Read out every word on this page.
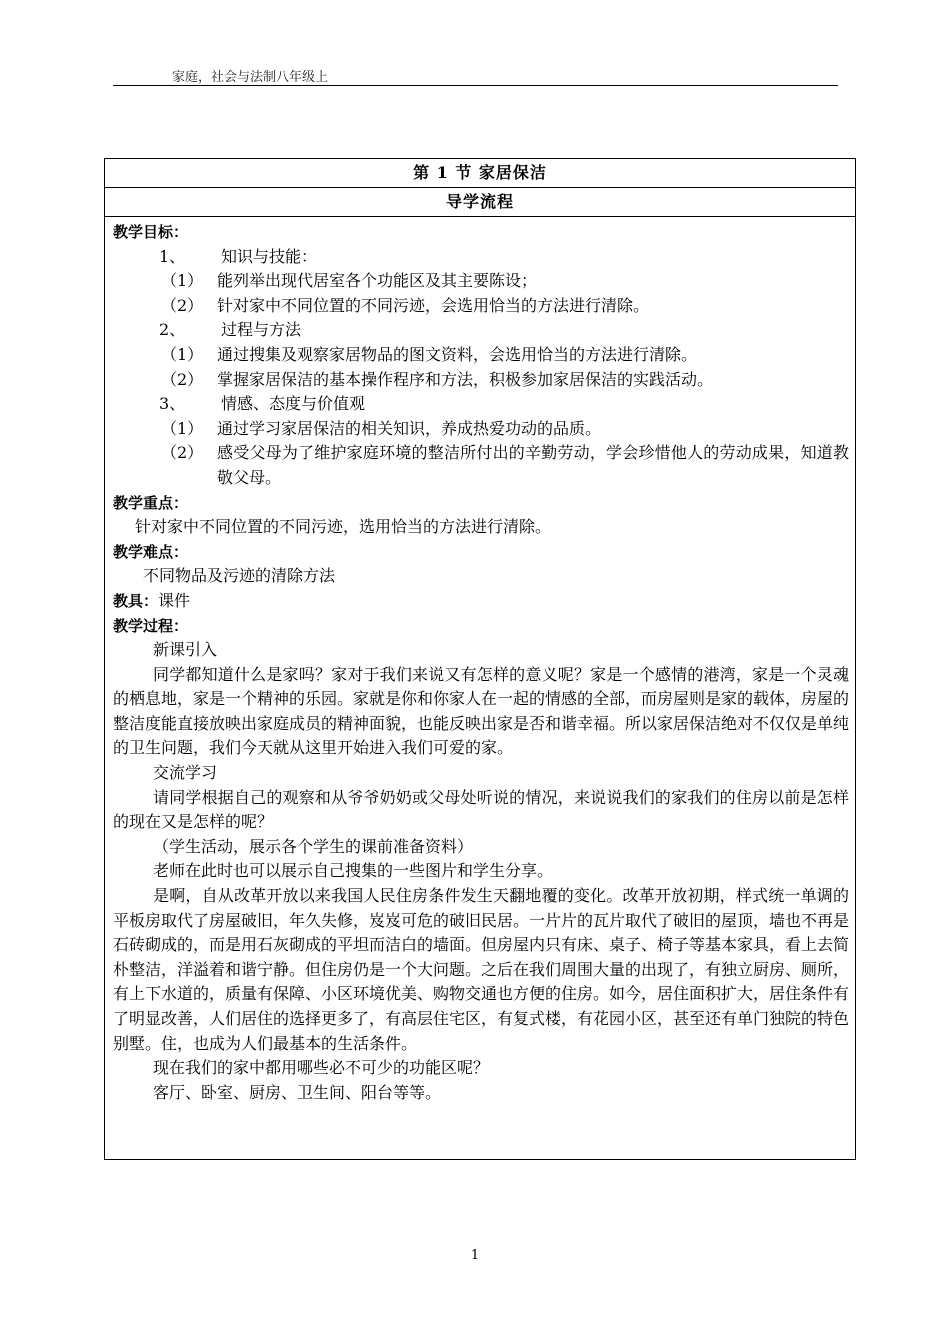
家庭，社会与法制八年级上
第 1 节 家居保洁
导学流程

教学目标：

1、 知识与技能：

（1） 能列举出现代居室各个功能区及其主要陈设；
（2） 针对家中不同位置的不同污迹，会选用恰当的方法进行清除。

2、 过程与方法

（1） 通过搜集及观察家居物品的图文资料，会选用恰当的方法进行清除。
（2） 掌握家居保洁的基本操作程序和方法，积极参加家居保洁的实践活动。

3、 情感、态度与价值观

（1） 通过学习家居保洁的相关知识，养成热爱功动的品质。
（2） 感受父母为了维护家庭环境的整洁所付出的辛勤劳动，学会珍惜他人的劳动成果，知道教敬父母。

教学重点：

针对家中不同位置的不同污迹，选用恰当的方法进行清除。

教学难点：

不同物品及污迹的清除方法

教具：课件

教学过程：

新课引入

同学都知道什么是家吗？家对于我们来说又有怎样的意义呢？家是一个感情的港湾，家是一个灵魂的栖息地，家是一个精神的乐园。家就是你和你家人在一起的情感的全部，而房屋则是家的载体，房屋的整洁度能直接放映出家庭成员的精神面貌，也能反映出家是否和谐幸福。所以家居保洁绝对不仅仅是单纯的卫生问题，我们今天就从这里开始进入我们可爱的家。

交流学习

请同学根据自己的观察和从爷爷奶奶或父母处听说的情况，来说说我们的家我们的住房以前是怎样的现在又是怎样的呢？

（学生活动，展示各个学生的课前准备资料）

老师在此时也可以展示自己搜集的一些图片和学生分享。

是啊，自从改革开放以来我国人民住房条件发生天翻地覆的变化。改革开放初期，样式统一单调的平板房取代了房屋破旧，年久失修，岌岌可危的破旧民居。一片片的瓦片取代了破旧的屋顶，墙也不再是石砖砌成的，而是用石灰砌成的平坦而洁白的墙面。但房屋内只有床、桌子、椅子等基本家具，看上去简朴整洁，洋溢着和谐宁静。但住房仍是一个大问题。之后在我们周围大量的出现了，有独立厨房、厕所，有上下水道的，质量有保障、小区环境优美、购物交通也方便的住房。如今，居住面积扩大，居住条件有了明显改善，人们居住的选择更多了，有高层住宅区，有复式楼，有花园小区，甚至还有单门独院的特色别墅。住，也成为人们最基本的生活条件。

现在我们的家中都用哪些必不可少的功能区呢？

客厅、卧室、厨房、卫生间、阳台等等。

1
